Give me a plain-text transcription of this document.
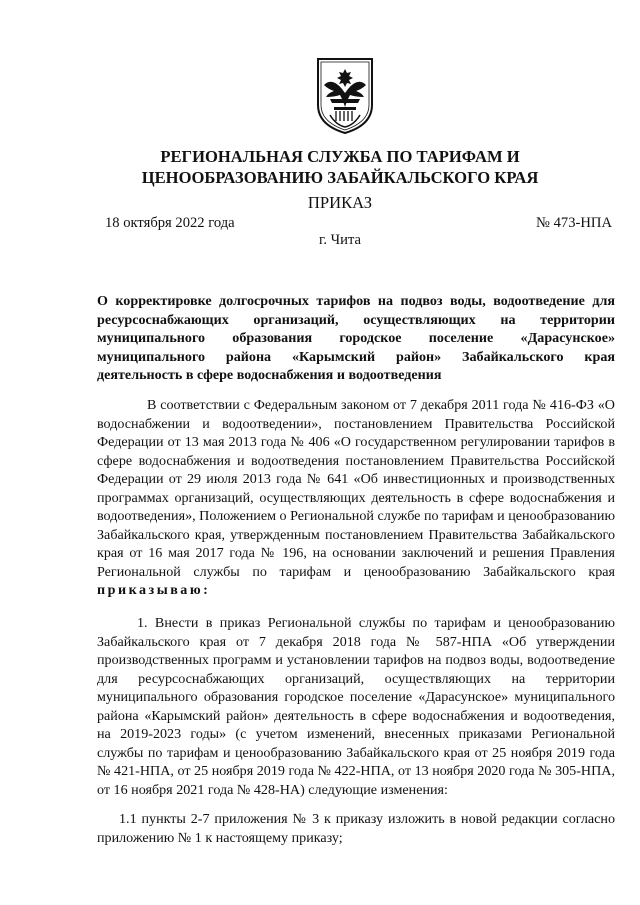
РЕГИОНАЛЬНАЯ СЛУЖБА ПО ТАРИФАМ И
ЦЕНООБРАЗОВАНИЮ ЗАБАЙКАЛЬСКОГО КРАЯ
ПРИКАЗ
18 октября 2022 года	№ 473-НПА
г. Чита
О корректировке долгосрочных тарифов на подвоз воды, водоотведение для ресурсоснабжающих организаций, осуществляющих на территории муниципального образования городское поселение «Дарасунское» муниципального района «Карымский район» Забайкальского края деятельность в сфере водоснабжения и водоотведения
В соответствии с Федеральным законом от 7 декабря 2011 года № 416-ФЗ «О водоснабжении и водоотведении», постановлением Правительства Российской Федерации от 13 мая 2013 года № 406 «О государственном регулировании тарифов в сфере водоснабжения и водоотведения постановлением Правительства Российской Федерации от 29 июля 2013 года № 641 «Об инвестиционных и производственных программах организаций, осуществляющих деятельность в сфере водоснабжения и водоотведения», Положением о Региональной службе по тарифам и ценообразованию Забайкальского края, утвержденным постановлением Правительства Забайкальского края от 16 мая 2017 года № 196, на основании заключений и решения Правления Региональной службы по тарифам и ценообразованию Забайкальского края приказываю:
1. Внести в приказ Региональной службы по тарифам и ценообразованию Забайкальского края от 7 декабря 2018 года № 587-НПА «Об утверждении производственных программ и установлении тарифов на подвоз воды, водоотведение для ресурсоснабжающих организаций, осуществляющих на территории муниципального образования городское поселение «Дарасунское» муниципального района «Карымский район» деятельность в сфере водоснабжения и водоотведения, на 2019-2023 годы» (с учетом изменений, внесенных приказами Региональной службы по тарифам и ценообразованию Забайкальского края от 25 ноября 2019 года № 421-НПА, от 25 ноября 2019 года № 422-НПА, от 13 ноября 2020 года № 305-НПА, от 16 ноября 2021 года № 428-НА) следующие изменения:
1.1 пункты 2-7 приложения № 3 к приказу изложить в новой редакции согласно приложению № 1 к настоящему приказу;
